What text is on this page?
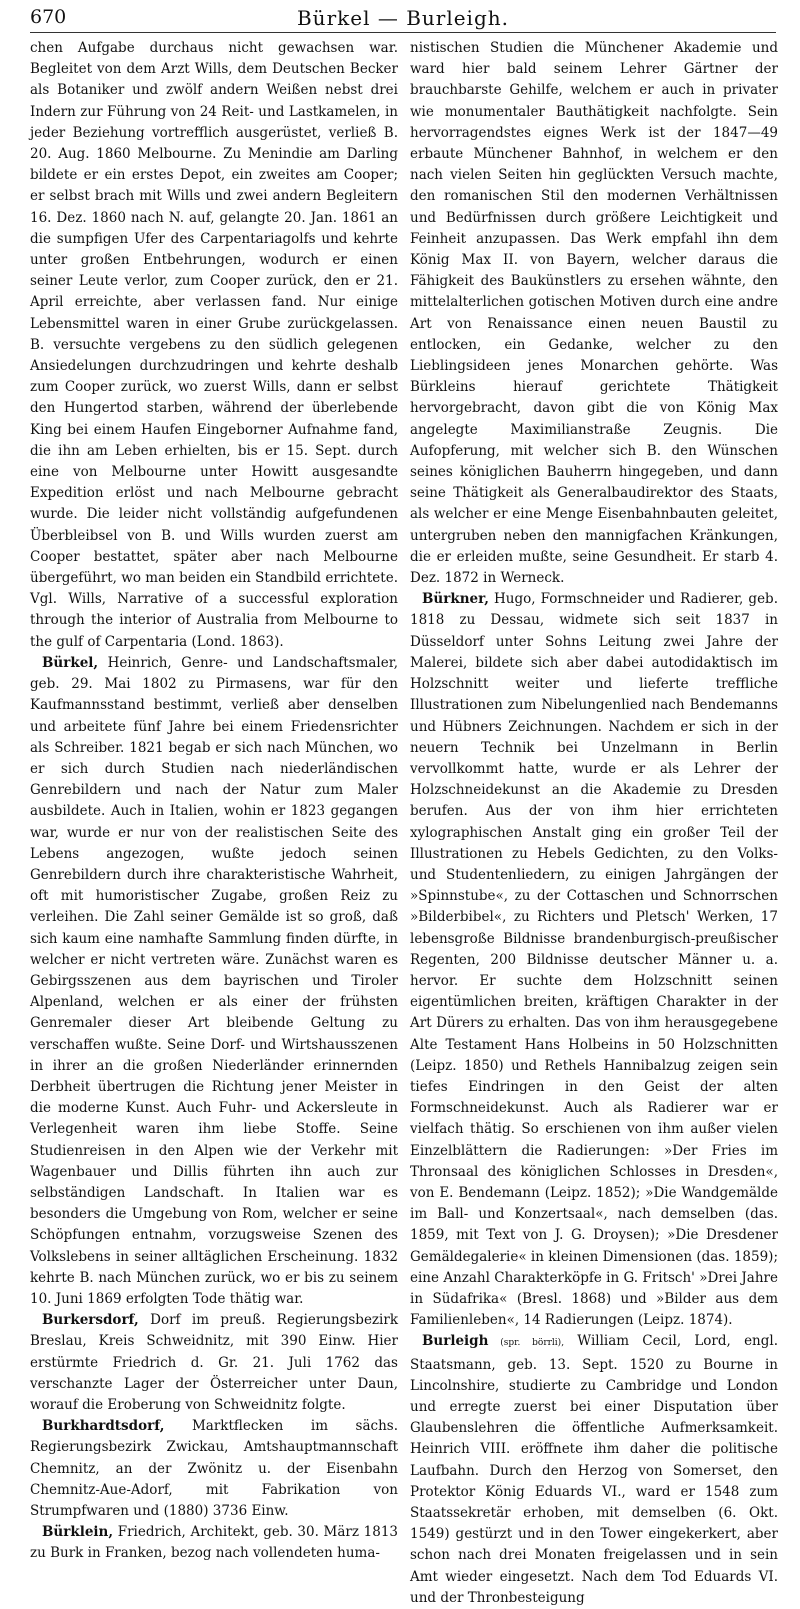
670	Bürkel — Burleigh.

chen Aufgabe durchaus nicht gewachsen war. Begleitet von dem Arzt Wills, dem Deutschen Becker als Botaniker und zwölf andern Weißen nebst drei Indern zur Führung von 24 Reit- und Lastkamelen, in jeder Beziehung vortrefflich ausgerüstet, verließ B. 20. Aug. 1860 Melbourne. Zu Menindie am Darling bildete er ein erstes Depot, ein zweites am Cooper; er selbst brach mit Wills und zwei andern Begleitern 16. Dez. 1860 nach N. auf, gelangte 20. Jan. 1861 an die sumpfigen Ufer des Carpentariagolfs und kehrte unter großen Entbehrungen, wodurch er einen seiner Leute verlor, zum Cooper zurück, den er 21. April erreichte, aber verlassen fand. Nur einige Lebensmittel waren in einer Grube zurückgelassen. B. versuchte vergebens zu den südlich gelegenen Ansiedelungen durchzudringen und kehrte deshalb zum Cooper zurück, wo zuerst Wills, dann er selbst den Hungertod starben, während der überlebende King bei einem Haufen Eingeborner Aufnahme fand, die ihn am Leben erhielten, bis er 15. Sept. durch eine von Melbourne unter Howitt ausgesandte Expedition erlöst und nach Melbourne gebracht wurde. Die leider nicht vollständig aufgefundenen Überbleibsel von B. und Wills wurden zuerst am Cooper bestattet, später aber nach Melbourne übergeführt, wo man beiden ein Standbild errichtete. Vgl. Wills, Narrative of a successful exploration through the interior of Australia from Melbourne to the gulf of Carpentaria (Lond. 1863).

Bürkel, Heinrich, Genre- und Landschaftsmaler, geb. 29. Mai 1802 zu Pirmasens, war für den Kaufmannsstand bestimmt, verließ aber denselben und arbeitete fünf Jahre bei einem Friedensrichter als Schreiber. 1821 begab er sich nach München, wo er sich durch Studien nach niederländischen Genrebildern und nach der Natur zum Maler ausbildete. Auch in Italien, wohin er 1823 gegangen war, wurde er nur von der realistischen Seite des Lebens angezogen, wußte jedoch seinen Genrebildern durch ihre charakteristische Wahrheit, oft mit humoristischer Zugabe, großen Reiz zu verleihen. Die Zahl seiner Gemälde ist so groß, daß sich kaum eine namhafte Sammlung finden dürfte, in welcher er nicht vertreten wäre. Zunächst waren es Gebirgsszenen aus dem bayrischen und Tiroler Alpenland, welchen er als einer der frühsten Genremaler dieser Art bleibende Geltung zu verschaffen wußte. Seine Dorf- und Wirtshausszenen in ihrer an die großen Niederländer erinnernden Derbheit übertrugen die Richtung jener Meister in die moderne Kunst. Auch Fuhr- und Ackersleute in Verlegenheit waren ihm liebe Stoffe. Seine Studienreisen in den Alpen wie der Verkehr mit Wagenbauer und Dillis führten ihn auch zur selbständigen Landschaft. In Italien war es besonders die Umgebung von Rom, welcher er seine Schöpfungen entnahm, vorzugsweise Szenen des Volkslebens in seiner alltäglichen Erscheinung. 1832 kehrte B. nach München zurück, wo er bis zu seinem 10. Juni 1869 erfolgten Tode thätig war.

Burkersdorf, Dorf im preuß. Regierungsbezirk Breslau, Kreis Schweidnitz, mit 390 Einw. Hier erstürmte Friedrich d. Gr. 21. Juli 1762 das verschanzte Lager der Österreicher unter Daun, worauf die Eroberung von Schweidnitz folgte.

Burkhardtsdorf, Marktflecken im sächs. Regierungsbezirk Zwickau, Amtshauptmannschaft Chemnitz, an der Zwönitz u. der Eisenbahn Chemnitz-Aue-Adorf, mit Fabrikation von Strumpfwaren und (1880) 3736 Einw.

Bürklein, Friedrich, Architekt, geb. 30. März 1813 zu Burk in Franken, bezog nach vollendeten huma-

nistischen Studien die Münchener Akademie und ward hier bald seinem Lehrer Gärtner der brauchbarste Gehilfe, welchem er auch in privater wie monumentaler Bauthätigkeit nachfolgte. Sein hervorragendstes eignes Werk ist der 1847—49 erbaute Münchener Bahnhof, in welchem er den nach vielen Seiten hin geglückten Versuch machte, den romanischen Stil den modernen Verhältnissen und Bedürfnissen durch größere Leichtigkeit und Feinheit anzupassen. Das Werk empfahl ihn dem König Max II. von Bayern, welcher daraus die Fähigkeit des Baukünstlers zu ersehen wähnte, den mittelalterlichen gotischen Motiven durch eine andre Art von Renaissance einen neuen Baustil zu entlocken, ein Gedanke, welcher zu den Lieblingsideen jenes Monarchen gehörte. Was Bürkleins hierauf gerichtete Thätigkeit hervorgebracht, davon gibt die von König Max angelegte Maximilianstraße Zeugnis. Die Aufopferung, mit welcher sich B. den Wünschen seines königlichen Bauherrn hingegeben, und dann seine Thätigkeit als Generalbaudirektor des Staats, als welcher er eine Menge Eisenbahnbauten geleitet, untergruben neben den mannigfachen Kränkungen, die er erleiden mußte, seine Gesundheit. Er starb 4. Dez. 1872 in Werneck.

Bürkner, Hugo, Formschneider und Radierer, geb. 1818 zu Dessau, widmete sich seit 1837 in Düsseldorf unter Sohns Leitung zwei Jahre der Malerei, bildete sich aber dabei autodidaktisch im Holzschnitt weiter und lieferte treffliche Illustrationen zum Nibelungenlied nach Bendemanns und Hübners Zeichnungen. Nachdem er sich in der neuern Technik bei Unzelmann in Berlin vervollkommt hatte, wurde er als Lehrer der Holzschneidekunst an die Akademie zu Dresden berufen. Aus der von ihm hier errichteten xylographischen Anstalt ging ein großer Teil der Illustrationen zu Hebels Gedichten, zu den Volks- und Studentenliedern, zu einigen Jahrgängen der »Spinnstube«, zu der Cottaschen und Schnorrschen »Bilderbibel«, zu Richters und Pletsch' Werken, 17 lebensgroße Bildnisse brandenburgisch-preußischer Regenten, 200 Bildnisse deutscher Männer u. a. hervor. Er suchte dem Holzschnitt seinen eigentümlichen breiten, kräftigen Charakter in der Art Dürers zu erhalten. Das von ihm herausgegebene Alte Testament Hans Holbeins in 50 Holzschnitten (Leipz. 1850) und Rethels Hannibalzug zeigen sein tiefes Eindringen in den Geist der alten Formschneidekunst. Auch als Radierer war er vielfach thätig. So erschienen von ihm außer vielen Einzelblättern die Radierungen: »Der Fries im Thronsaal des königlichen Schlosses in Dresden«, von E. Bendemann (Leipz. 1852); »Die Wandgemälde im Ball- und Konzertsaal«, nach demselben (das. 1859, mit Text von J. G. Droysen); »Die Dresdener Gemäldegalerie« in kleinen Dimensionen (das. 1859); eine Anzahl Charakterköpfe in G. Fritsch' »Drei Jahre in Südafrika« (Bresl. 1868) und »Bilder aus dem Familienleben«, 14 Radierungen (Leipz. 1874).

Burleigh (spr. börrli), William Cecil, Lord, engl. Staatsmann, geb. 13. Sept. 1520 zu Bourne in Lincolnshire, studierte zu Cambridge und London und erregte zuerst bei einer Disputation über Glaubenslehren die öffentliche Aufmerksamkeit. Heinrich VIII. eröffnete ihm daher die politische Laufbahn. Durch den Herzog von Somerset, den Protektor König Eduards VI., ward er 1548 zum Staatssekretär erhoben, mit demselben (6. Okt. 1549) gestürzt und in den Tower eingekerkert, aber schon nach drei Monaten freigelassen und in sein Amt wieder eingesetzt. Nach dem Tod Eduards VI. und der Thronbesteigung
